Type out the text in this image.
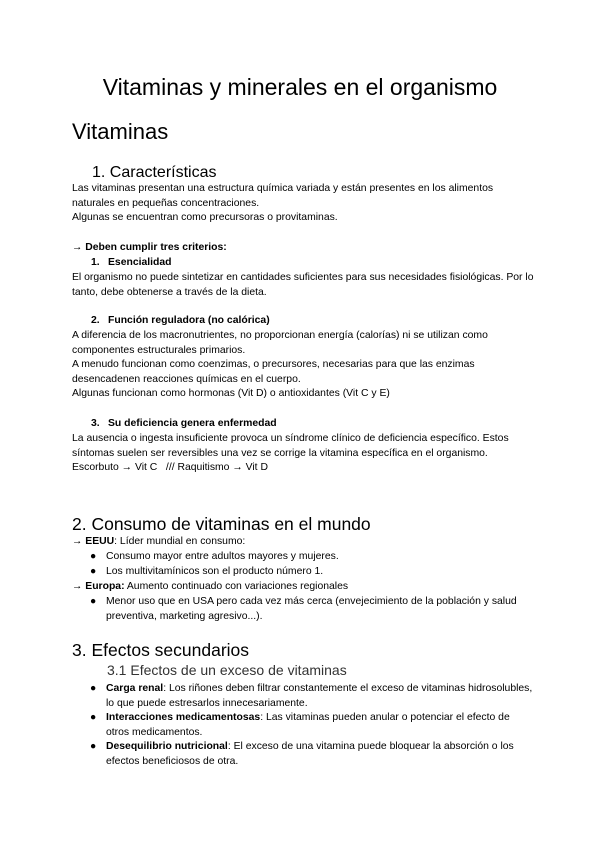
Vitaminas y minerales en el organismo
Vitaminas
1. Características

Las vitaminas presentan una estructura química variada y están presentes en los alimentos naturales en pequeñas concentraciones.

Algunas se encuentran como precursoras o provitaminas.

→ Deben cumplir tres criterios:
1. Esencialidad
El organismo no puede sintetizar en cantidades suficientes para sus necesidades fisiológicas. Por lo tanto, debe obtenerse a través de la dieta.
2. Función reguladora (no calórica)

A diferencia de los macronutrientes, no proporcionan energía (calorías) ni se utilizan como componentes estructurales primarios.

A menudo funcionan como coenzimas, o precursores, necesarias para que las enzimas desencadenen reacciones químicas en el cuerpo.

Algunas funcionan como hormonas (Vit D) o antioxidantes (Vit C y E)

3. Su deficiencia genera enfermedad

La ausencia o ingesta insuficiente provoca un síndrome clínico de deficiencia específico. Estos síntomas suelen ser reversibles una vez se corrige la vitamina específica en el organismo.

Escorbuto → Vit C   /// Raquitismo → Vit D

2. Consumo de vitaminas en el mundo
→ EEUU: Líder mundial en consumo:
● Consumo mayor entre adultos mayores y mujeres.
● Los multivitamínicos son el producto número 1.
→ Europa: Aumento continuado con variaciones regionales
● Menor uso que en USA pero cada vez más cerca (envejecimiento de la población y salud preventiva, marketing agresivo...).
3. Efectos secundarios
3.1 Efectos de un exceso de vitaminas
● Carga renal: Los riñones deben filtrar constantemente el exceso de vitaminas hidrosolubles, lo que puede estresarlos innecesariamente.
● Interacciones medicamentosas: Las vitaminas pueden anular o potenciar el efecto de otros medicamentos.
● Desequilibrio nutricional: El exceso de una vitamina puede bloquear la absorción o los efectos beneficiosos de otra.
